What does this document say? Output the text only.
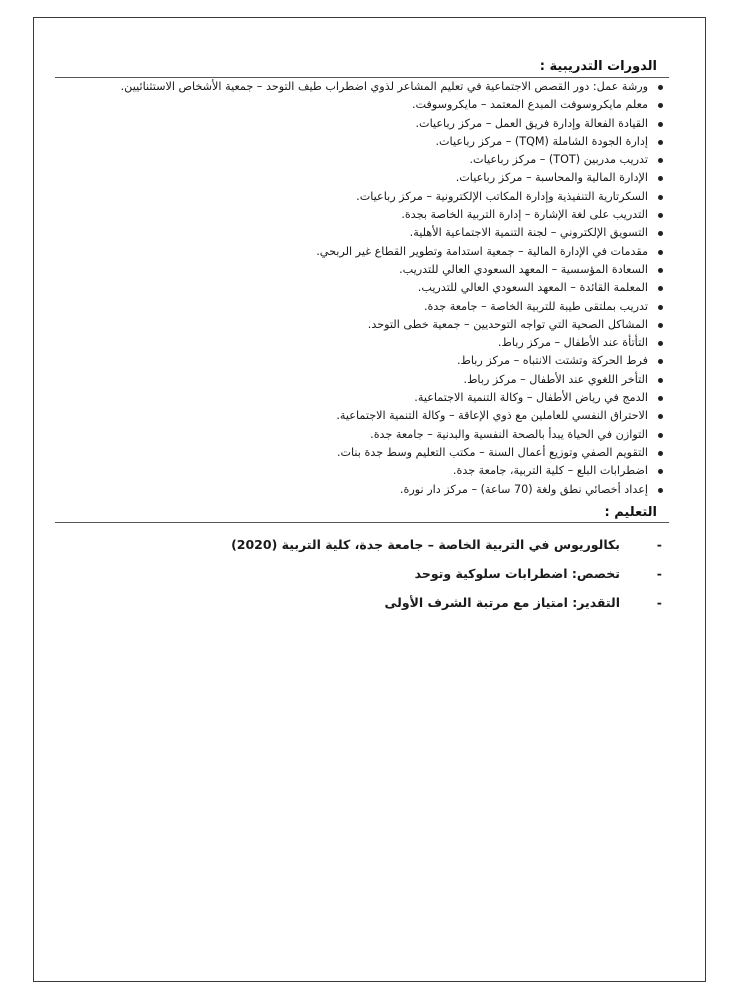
الدورات التدريبية :
ورشة عمل: دور القصص الاجتماعية في تعليم المشاعر لذوي اضطراب طيف التوحد – جمعية الأشخاص الاستثنائيين.
معلم مايكروسوفت المبدع المعتمد – مايكروسوفت.
القيادة الفعالة وإدارة فريق العمل – مركز رباعيات.
إدارة الجودة الشاملة (TQM) – مركز رباعيات.
تدريب مدربين (TOT) – مركز رباعيات.
الإدارة المالية والمحاسبة – مركز رباعيات.
السكرتارية التنفيذية وإدارة المكاتب الإلكترونية – مركز رباعيات.
التدريب على لغة الإشارة – إدارة التربية الخاصة بجدة.
التسويق الإلكتروني – لجنة التنمية الاجتماعية الأهلية.
مقدمات في الإدارة المالية – جمعية استدامة وتطوير القطاع غير الربحي.
السعادة المؤسسية – المعهد السعودي العالي للتدريب.
المعلمة القائدة – المعهد السعودي العالي للتدريب.
تدريب بملتقى طيبة للتربية الخاصة – جامعة جدة.
المشاكل الصحية التي تواجه التوحديين – جمعية خطى التوحد.
التأتأة عند الأطفال – مركز رباط.
فرط الحركة وتشتت الانتباه – مركز رباط.
التأخر اللغوي عند الأطفال – مركز رباط.
الدمج في رياض الأطفال – وكالة التنمية الاجتماعية.
الاحتراق النفسي للعاملين مع ذوي الإعاقة – وكالة التنمية الاجتماعية.
التوازن في الحياة يبدأ بالصحة النفسية والبدنية – جامعة جدة.
التقويم الصفي وتوزيع أعمال السنة – مكتب التعليم وسط جدة بنات.
اضطرابات البلع – كلية التربية، جامعة جدة.
إعداد أخصائي نطق ولغة (70 ساعة) – مركز دار نورة.
التعليم :
-
بكالوريوس في التربية الخاصة – جامعة جدة، كلية التربية (2020)
-
تخصص: اضطرابات سلوكية وتوحد
-
التقدير: امتياز مع مرتبة الشرف الأولى
